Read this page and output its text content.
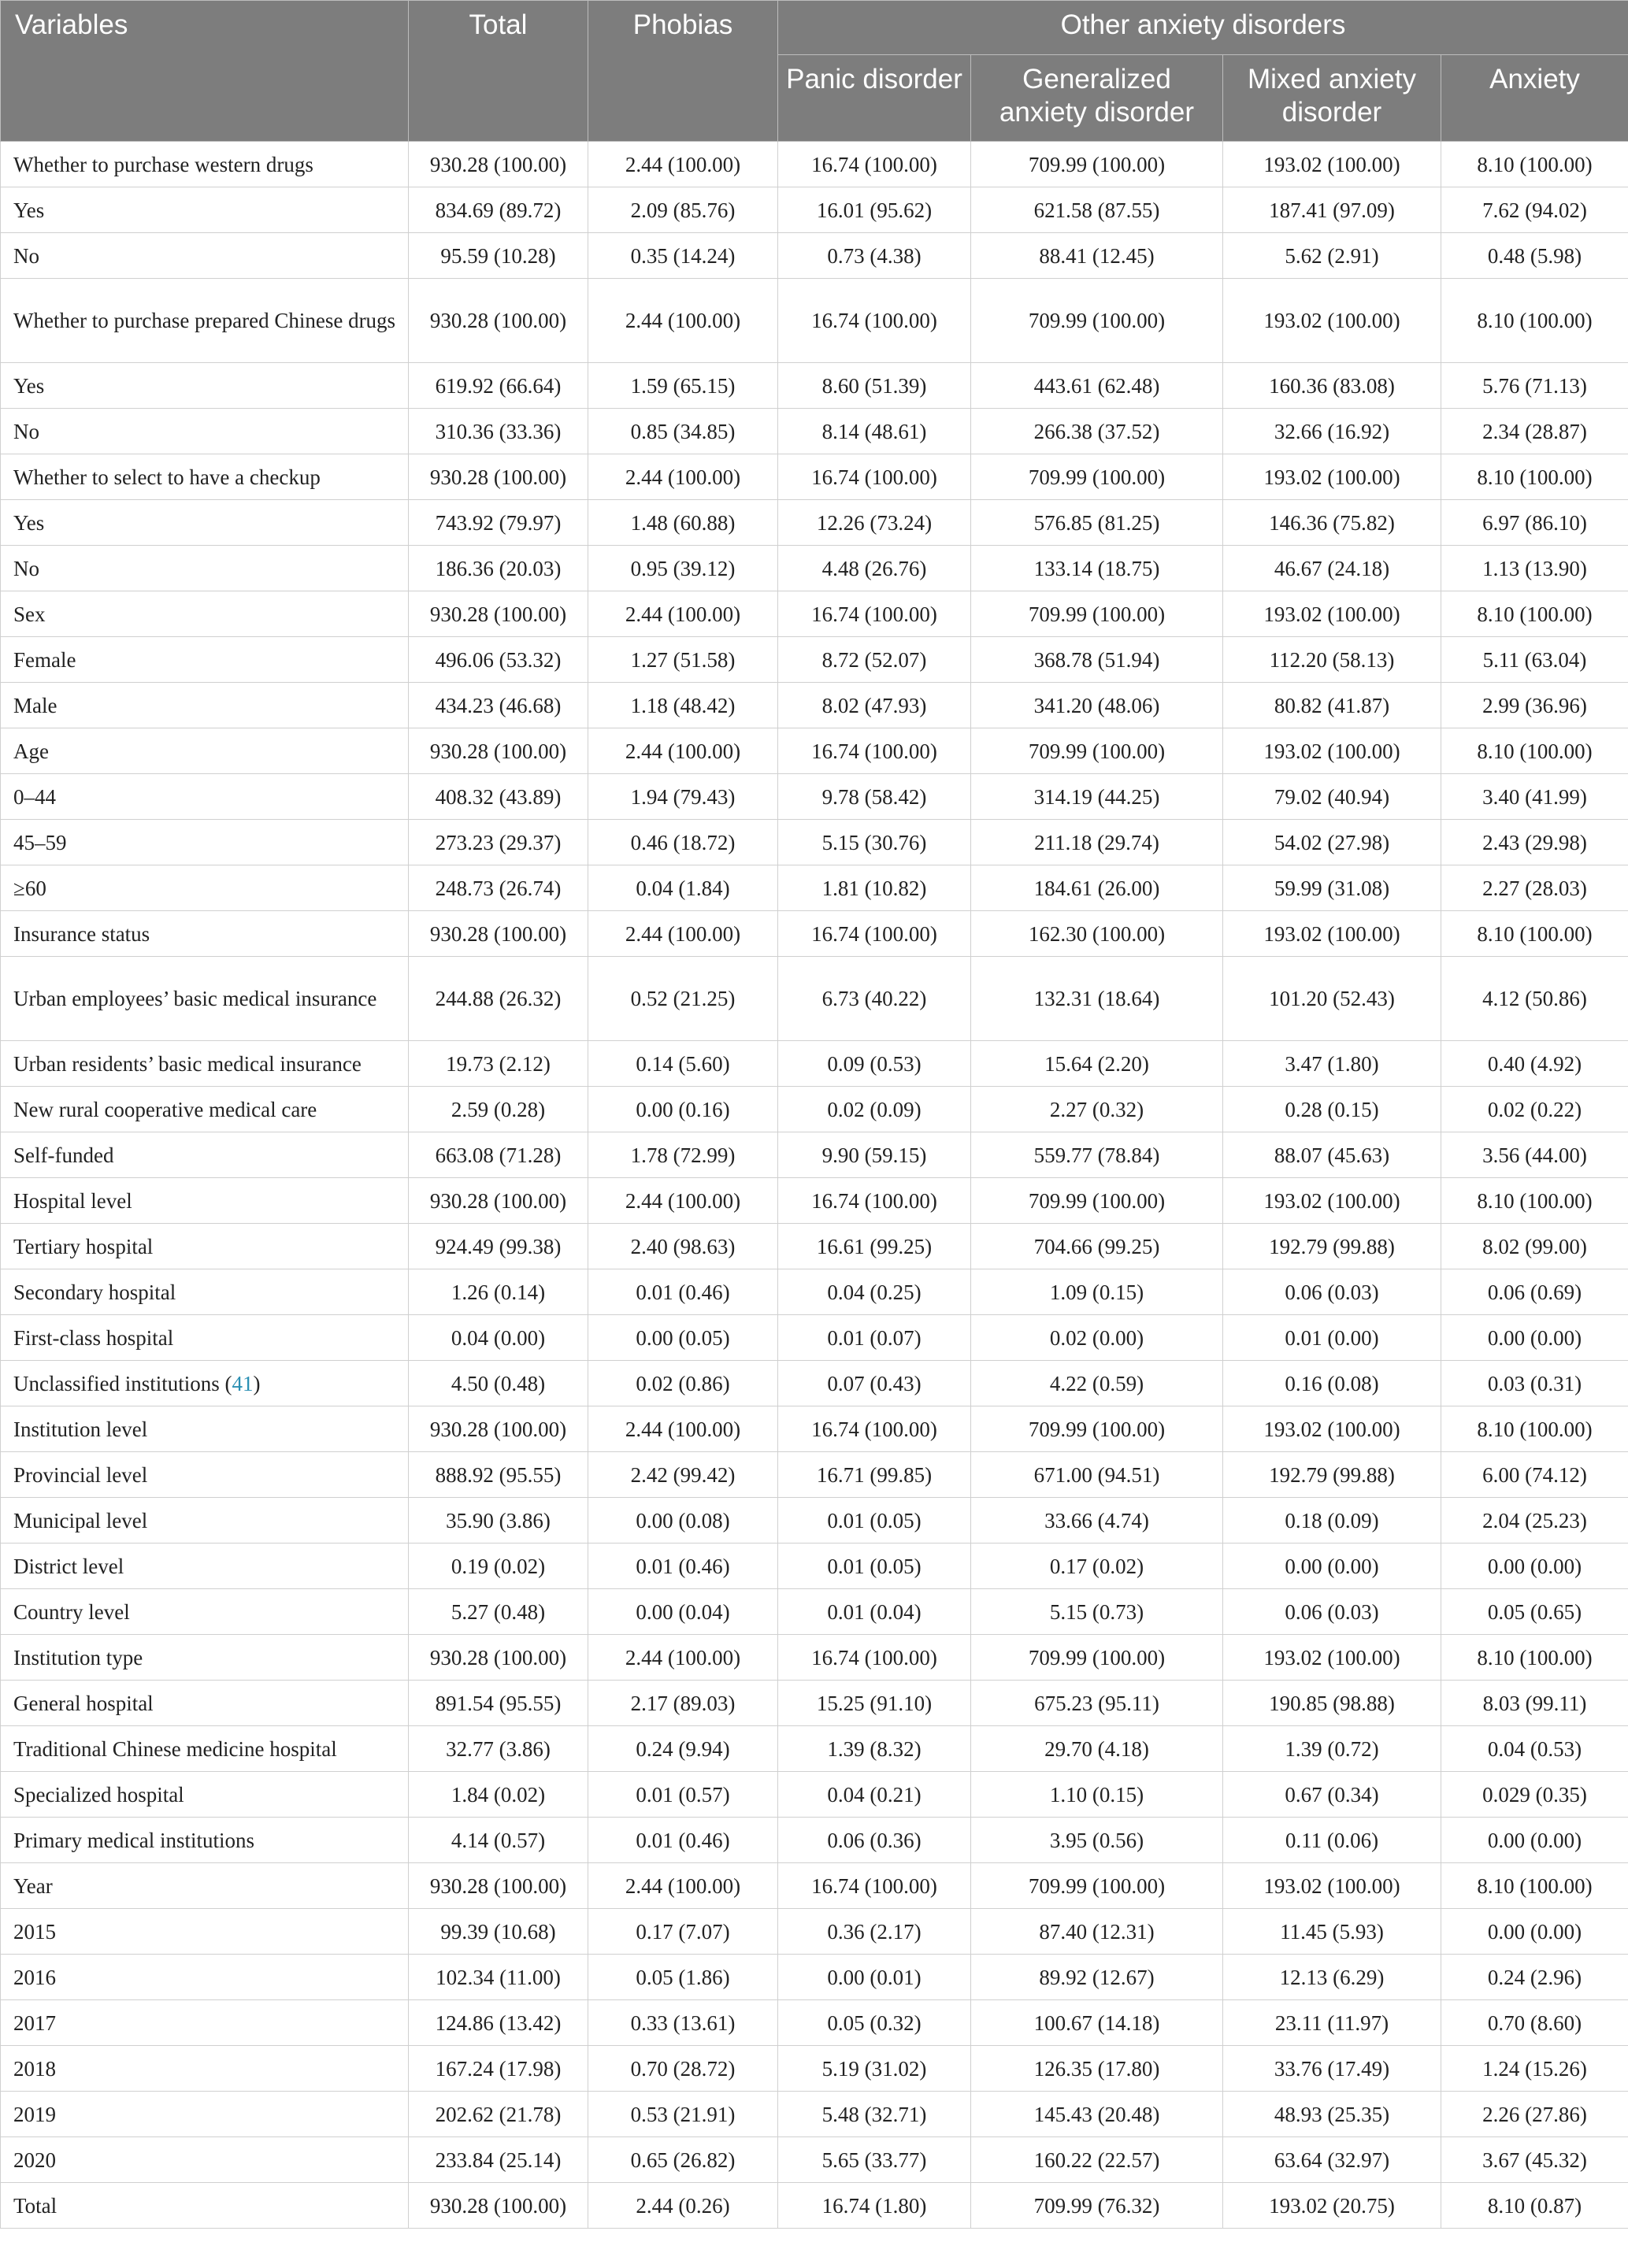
Variables	Total	Phobias	Other anxiety disorders			
			Panic disorder	Generalized anxiety disorder	Mixed anxiety disorder	Anxiety
Whether to purchase western drugs	930.28 (100.00)	2.44 (100.00)	16.74 (100.00)	709.99 (100.00)	193.02 (100.00)	8.10 (100.00)
Yes	834.69 (89.72)	2.09 (85.76)	16.01 (95.62)	621.58 (87.55)	187.41 (97.09)	7.62 (94.02)
No	95.59 (10.28)	0.35 (14.24)	0.73 (4.38)	88.41 (12.45)	5.62 (2.91)	0.48 (5.98)
Whether to purchase prepared Chinese drugs	930.28 (100.00)	2.44 (100.00)	16.74 (100.00)	709.99 (100.00)	193.02 (100.00)	8.10 (100.00)
Yes	619.92 (66.64)	1.59 (65.15)	8.60 (51.39)	443.61 (62.48)	160.36 (83.08)	5.76 (71.13)
No	310.36 (33.36)	0.85 (34.85)	8.14 (48.61)	266.38 (37.52)	32.66 (16.92)	2.34 (28.87)
Whether to select to have a checkup	930.28 (100.00)	2.44 (100.00)	16.74 (100.00)	709.99 (100.00)	193.02 (100.00)	8.10 (100.00)
Yes	743.92 (79.97)	1.48 (60.88)	12.26 (73.24)	576.85 (81.25)	146.36 (75.82)	6.97 (86.10)
No	186.36 (20.03)	0.95 (39.12)	4.48 (26.76)	133.14 (18.75)	46.67 (24.18)	1.13 (13.90)
Sex	930.28 (100.00)	2.44 (100.00)	16.74 (100.00)	709.99 (100.00)	193.02 (100.00)	8.10 (100.00)
Female	496.06 (53.32)	1.27 (51.58)	8.72 (52.07)	368.78 (51.94)	112.20 (58.13)	5.11 (63.04)
Male	434.23 (46.68)	1.18 (48.42)	8.02 (47.93)	341.20 (48.06)	80.82 (41.87)	2.99 (36.96)
Age	930.28 (100.00)	2.44 (100.00)	16.74 (100.00)	709.99 (100.00)	193.02 (100.00)	8.10 (100.00)
0–44	408.32 (43.89)	1.94 (79.43)	9.78 (58.42)	314.19 (44.25)	79.02 (40.94)	3.40 (41.99)
45–59	273.23 (29.37)	0.46 (18.72)	5.15 (30.76)	211.18 (29.74)	54.02 (27.98)	2.43 (29.98)
≥60	248.73 (26.74)	0.04 (1.84)	1.81 (10.82)	184.61 (26.00)	59.99 (31.08)	2.27 (28.03)
Insurance status	930.28 (100.00)	2.44 (100.00)	16.74 (100.00)	162.30 (100.00)	193.02 (100.00)	8.10 (100.00)
Urban employees’ basic medical insurance	244.88 (26.32)	0.52 (21.25)	6.73 (40.22)	132.31 (18.64)	101.20 (52.43)	4.12 (50.86)
Urban residents’ basic medical insurance	19.73 (2.12)	0.14 (5.60)	0.09 (0.53)	15.64 (2.20)	3.47 (1.80)	0.40 (4.92)
New rural cooperative medical care	2.59 (0.28)	0.00 (0.16)	0.02 (0.09)	2.27 (0.32)	0.28 (0.15)	0.02 (0.22)
Self-funded	663.08 (71.28)	1.78 (72.99)	9.90 (59.15)	559.77 (78.84)	88.07 (45.63)	3.56 (44.00)
Hospital level	930.28 (100.00)	2.44 (100.00)	16.74 (100.00)	709.99 (100.00)	193.02 (100.00)	8.10 (100.00)
Tertiary hospital	924.49 (99.38)	2.40 (98.63)	16.61 (99.25)	704.66 (99.25)	192.79 (99.88)	8.02 (99.00)
Secondary hospital	1.26 (0.14)	0.01 (0.46)	0.04 (0.25)	1.09 (0.15)	0.06 (0.03)	0.06 (0.69)
First-class hospital	0.04 (0.00)	0.00 (0.05)	0.01 (0.07)	0.02 (0.00)	0.01 (0.00)	0.00 (0.00)
Unclassified institutions (41)	4.50 (0.48)	0.02 (0.86)	0.07 (0.43)	4.22 (0.59)	0.16 (0.08)	0.03 (0.31)
Institution level	930.28 (100.00)	2.44 (100.00)	16.74 (100.00)	709.99 (100.00)	193.02 (100.00)	8.10 (100.00)
Provincial level	888.92 (95.55)	2.42 (99.42)	16.71 (99.85)	671.00 (94.51)	192.79 (99.88)	6.00 (74.12)
Municipal level	35.90 (3.86)	0.00 (0.08)	0.01 (0.05)	33.66 (4.74)	0.18 (0.09)	2.04 (25.23)
District level	0.19 (0.02)	0.01 (0.46)	0.01 (0.05)	0.17 (0.02)	0.00 (0.00)	0.00 (0.00)
Country level	5.27 (0.48)	0.00 (0.04)	0.01 (0.04)	5.15 (0.73)	0.06 (0.03)	0.05 (0.65)
Institution type	930.28 (100.00)	2.44 (100.00)	16.74 (100.00)	709.99 (100.00)	193.02 (100.00)	8.10 (100.00)
General hospital	891.54 (95.55)	2.17 (89.03)	15.25 (91.10)	675.23 (95.11)	190.85 (98.88)	8.03 (99.11)
Traditional Chinese medicine hospital	32.77 (3.86)	0.24 (9.94)	1.39 (8.32)	29.70 (4.18)	1.39 (0.72)	0.04 (0.53)
Specialized hospital	1.84 (0.02)	0.01 (0.57)	0.04 (0.21)	1.10 (0.15)	0.67 (0.34)	0.029 (0.35)
Primary medical institutions	4.14 (0.57)	0.01 (0.46)	0.06 (0.36)	3.95 (0.56)	0.11 (0.06)	0.00 (0.00)
Year	930.28 (100.00)	2.44 (100.00)	16.74 (100.00)	709.99 (100.00)	193.02 (100.00)	8.10 (100.00)
2015	99.39 (10.68)	0.17 (7.07)	0.36 (2.17)	87.40 (12.31)	11.45 (5.93)	0.00 (0.00)
2016	102.34 (11.00)	0.05 (1.86)	0.00 (0.01)	89.92 (12.67)	12.13 (6.29)	0.24 (2.96)
2017	124.86 (13.42)	0.33 (13.61)	0.05 (0.32)	100.67 (14.18)	23.11 (11.97)	0.70 (8.60)
2018	167.24 (17.98)	0.70 (28.72)	5.19 (31.02)	126.35 (17.80)	33.76 (17.49)	1.24 (15.26)
2019	202.62 (21.78)	0.53 (21.91)	5.48 (32.71)	145.43 (20.48)	48.93 (25.35)	2.26 (27.86)
2020	233.84 (25.14)	0.65 (26.82)	5.65 (33.77)	160.22 (22.57)	63.64 (32.97)	3.67 (45.32)
Total	930.28 (100.00)	2.44 (0.26)	16.74 (1.80)	709.99 (76.32)	193.02 (20.75)	8.10 (0.87)
